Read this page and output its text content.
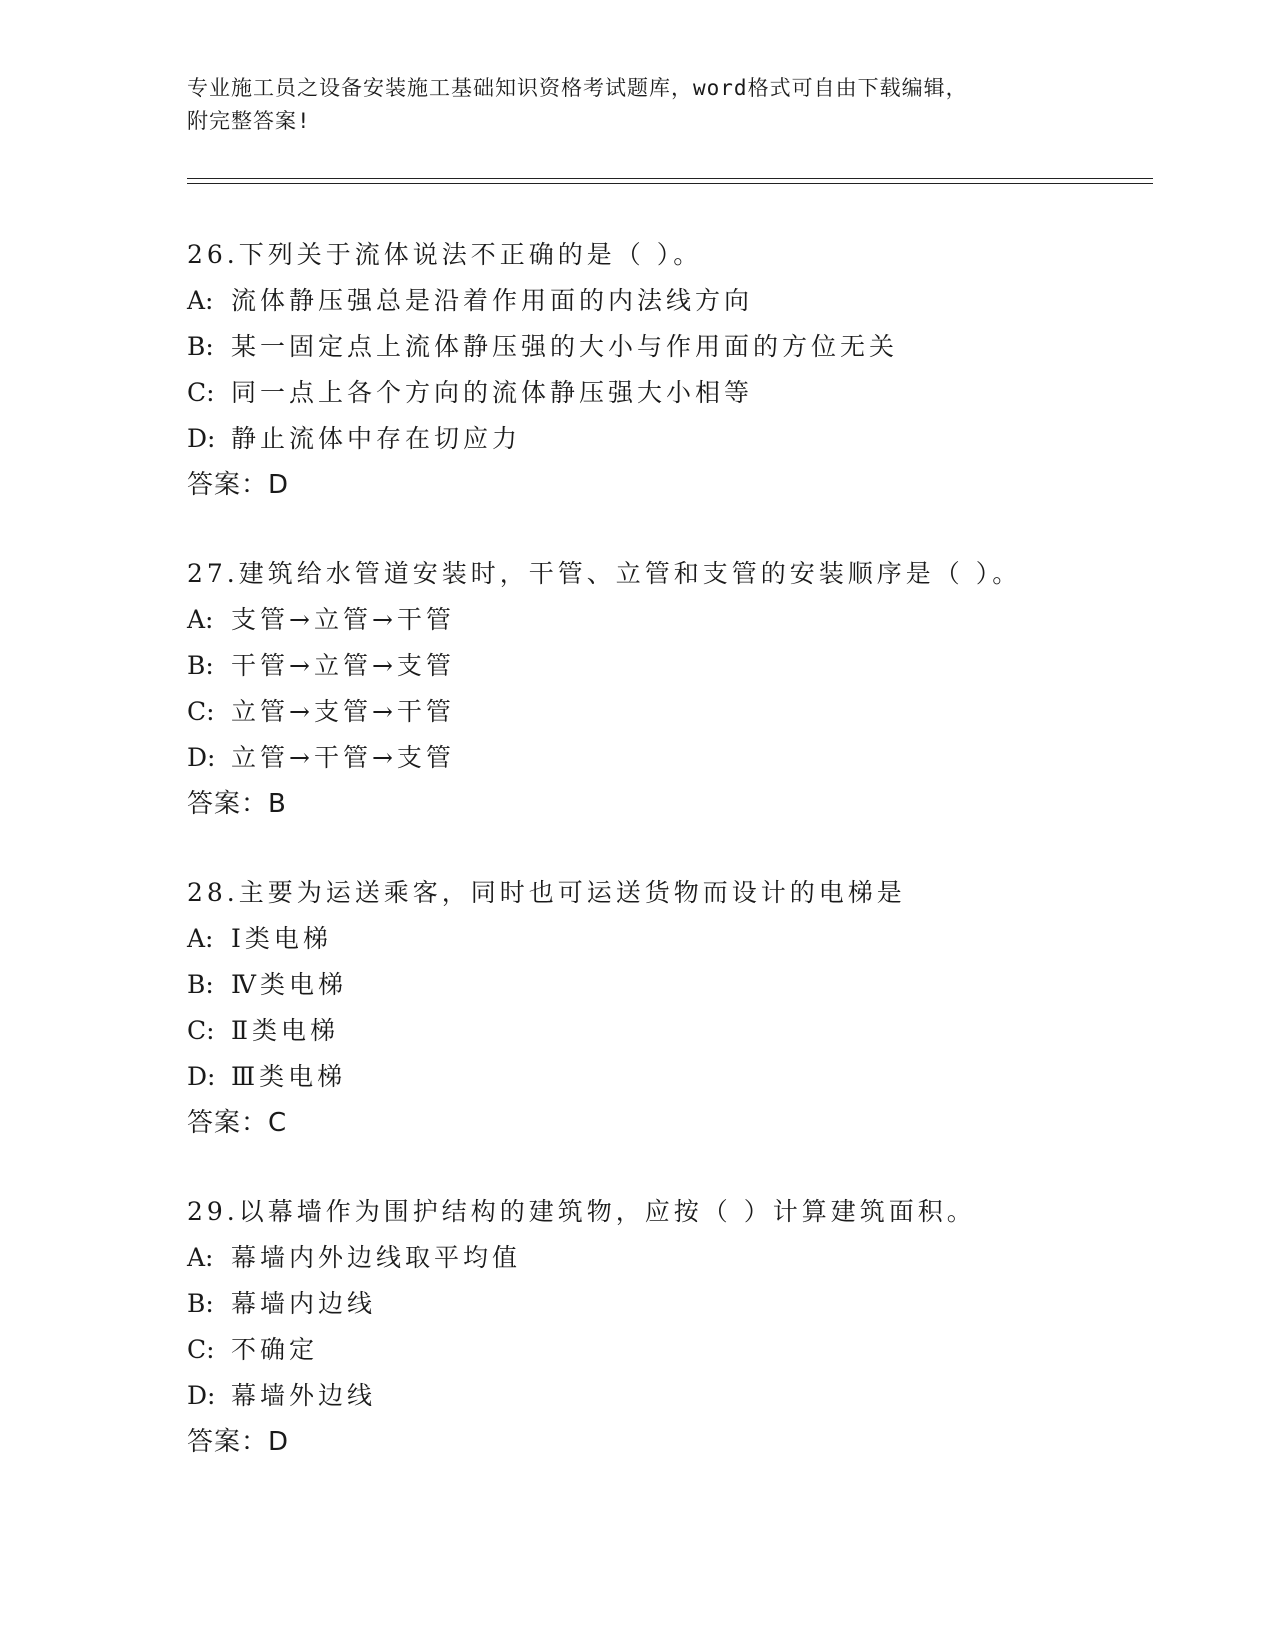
专业施工员之设备安装施工基础知识资格考试题库，word格式可自由下载编辑，
附完整答案!
26.下列关于流体说法不正确的是（ ）。
A: 流体静压强总是沿着作用面的内法线方向
B: 某一固定点上流体静压强的大小与作用面的方位无关
C: 同一点上各个方向的流体静压强大小相等
D: 静止流体中存在切应力
答案：D
27.建筑给水管道安装时，干管、立管和支管的安装顺序是（ ）。
A: 支管→立管→干管
B: 干管→立管→支管
C: 立管→支管→干管
D: 立管→干管→支管
答案：B
28.主要为运送乘客，同时也可运送货物而设计的电梯是
A: Ⅰ类电梯
B: Ⅳ类电梯
C: Ⅱ类电梯
D: Ⅲ类电梯
答案：C
29.以幕墙作为围护结构的建筑物，应按（ ）计算建筑面积。
A: 幕墙内外边线取平均值
B: 幕墙内边线
C: 不确定
D: 幕墙外边线
答案：D
